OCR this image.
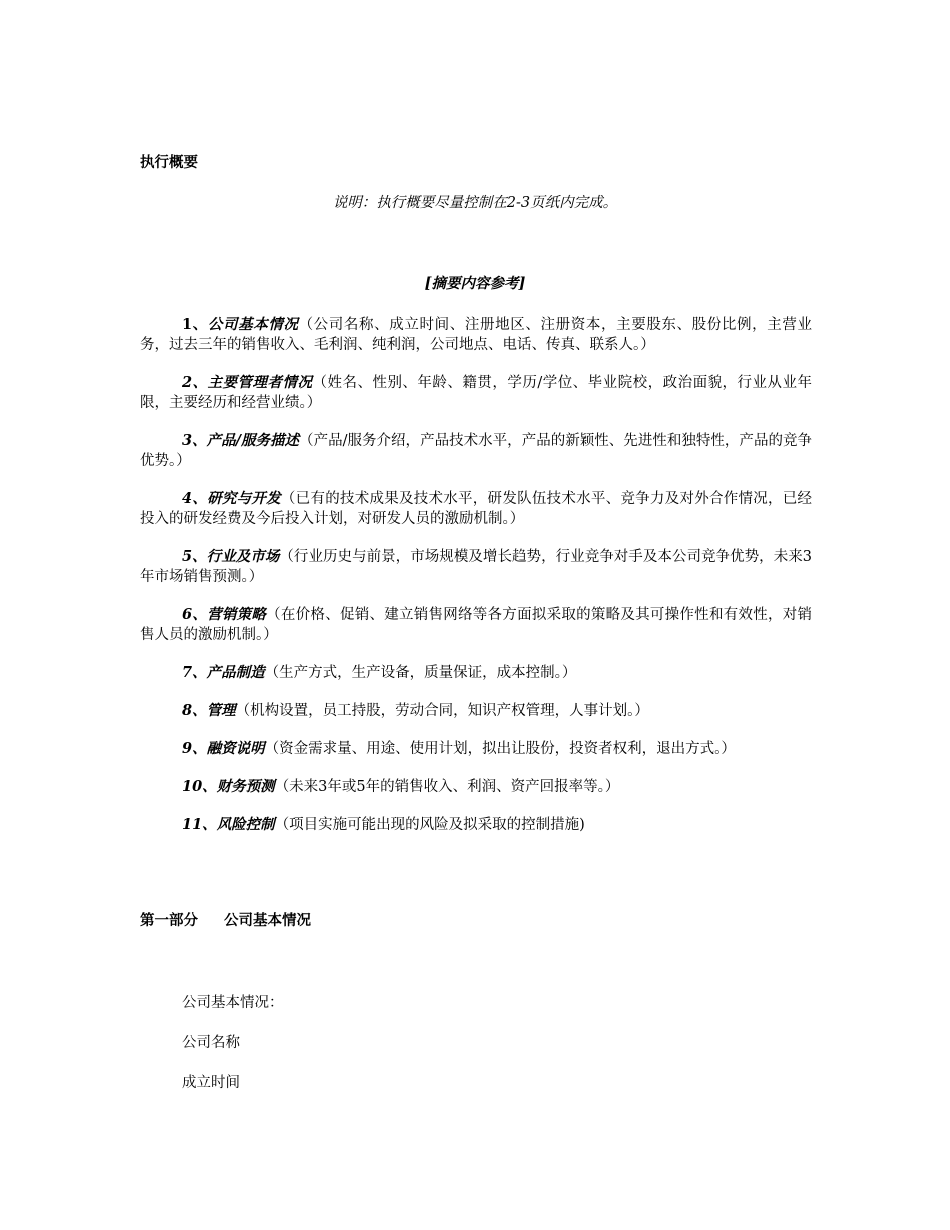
执行概要
说明：执行概要尽量控制在2-3页纸内完成。
[摘要内容参考]

1、公司基本情况（公司名称、成立时间、注册地区、注册资本，主要股东、股份比例，主营业务，过去三年的销售收入、毛利润、纯利润，公司地点、电话、传真、联系人。）

2、主要管理者情况（姓名、性别、年龄、籍贯，学历/学位、毕业院校，政治面貌，行业从业年限，主要经历和经营业绩。）

3、产品/服务描述（产品/服务介绍，产品技术水平，产品的新颖性、先进性和独特性，产品的竞争优势。）

4、研究与开发（已有的技术成果及技术水平，研发队伍技术水平、竞争力及对外合作情况，已经投入的研发经费及今后投入计划，对研发人员的激励机制。）

5、行业及市场（行业历史与前景，市场规模及增长趋势，行业竞争对手及本公司竞争优势，未来3年市场销售预测。）

6、营销策略（在价格、促销、建立销售网络等各方面拟采取的策略及其可操作性和有效性，对销售人员的激励机制。）

7、产品制造（生产方式，生产设备，质量保证，成本控制。）

8、管理（机构设置，员工持股，劳动合同，知识产权管理，人事计划。）

9、融资说明（资金需求量、用途、使用计划，拟出让股份，投资者权利，退出方式。）

10、财务预测（未来3年或5年的销售收入、利润、资产回报率等。）

11、风险控制（项目实施可能出现的风险及拟采取的控制措施)

第一部分 公司基本情况
公司基本情况：
公司名称
成立时间
